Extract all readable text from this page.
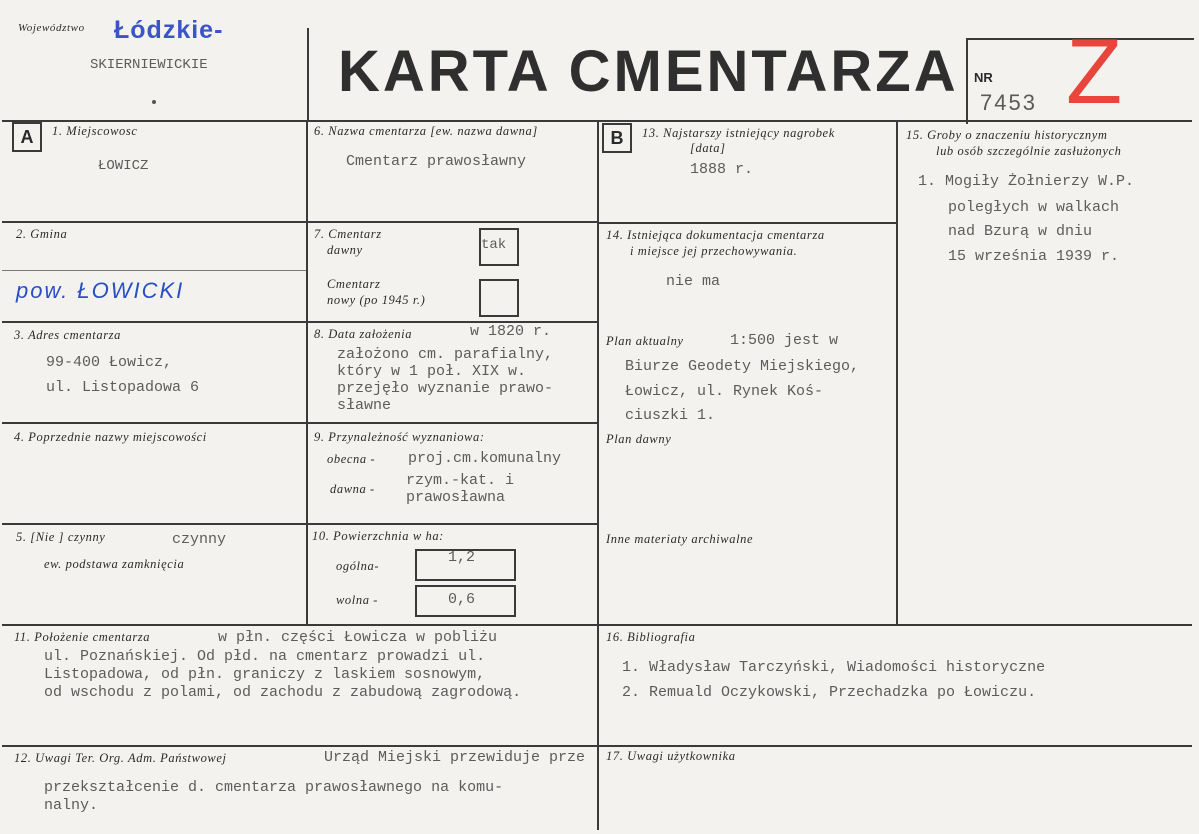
Województwo Łódzkie-
SKIERNIEWICKIE KARTA CMENTARZA NR
7453 Z
A	B
1. Miejscowosc
ŁOWICZ
2. Gmina
pow. ŁOWICKI
3. Adres cmentarza
99-400 Łowicz,
ul. Listopadowa 6
4. Poprzednie nazwy miejscowości
5. [Nie ] czynny	czynny
ew. podstawa zamknięcia
6. Nazwa cmentarza [ew. nazwa dawna]
Cmentarz prawosławny
7. Cmentarz
dawny	tak
Cmentarz
nowy (po 1945 r.)
8. Data założenia	w 1820 r.
założono cm. parafialny,
który w 1 poł. XIX w.
przejęło wyznanie prawo-
sławne
9. Przynależność wyznaniowa:
obecna - proj.cm.komunalny
dawna - rzym.-kat. i
prawosławna
10. Powierzchnia w ha:
ogólna-	1,2
wolna -	0,6
11. Położenie cmentarza	w płn. części Łowicza w pobliżu
ul. Poznańskiej. Od płd. na cmentarz prowadzi ul.
Listopadowa, od płn. graniczy z laskiem sosnowym,
od wschodu z polami, od zachodu z zabudową zagrodową.
12. Uwagi Ter. Org. Adm. Państwowej	Urząd Miejski przewiduje prze
przekształcenie d. cmentarza prawosławnego na komu-
nalny.
13. Najstarszy istniejący nagrobek
[data]
1888 r.
14. Istniejąca dokumentacja cmentarza
i miejsce jej przechowywania.
nie ma
Plan aktualny	1:500 jest w
Biurze Geodety Miejskiego,
Łowicz, ul. Rynek Koś-
ciuszki 1.
Plan dawny
Inne materiaty archiwalne
15. Groby o znaczeniu historycznym
lub osób szczególnie zasłużonych
1. Mogiły Żołnierzy W.P.
poległych w walkach
nad Bzurą w dniu
15 września 1939 r.
16. Bibliografia
1. Władysław Tarczyński, Wiadomości historyczne
2. Remuald Oczykowski, Przechadzka po Łowiczu.
17. Uwagi użytkownika
